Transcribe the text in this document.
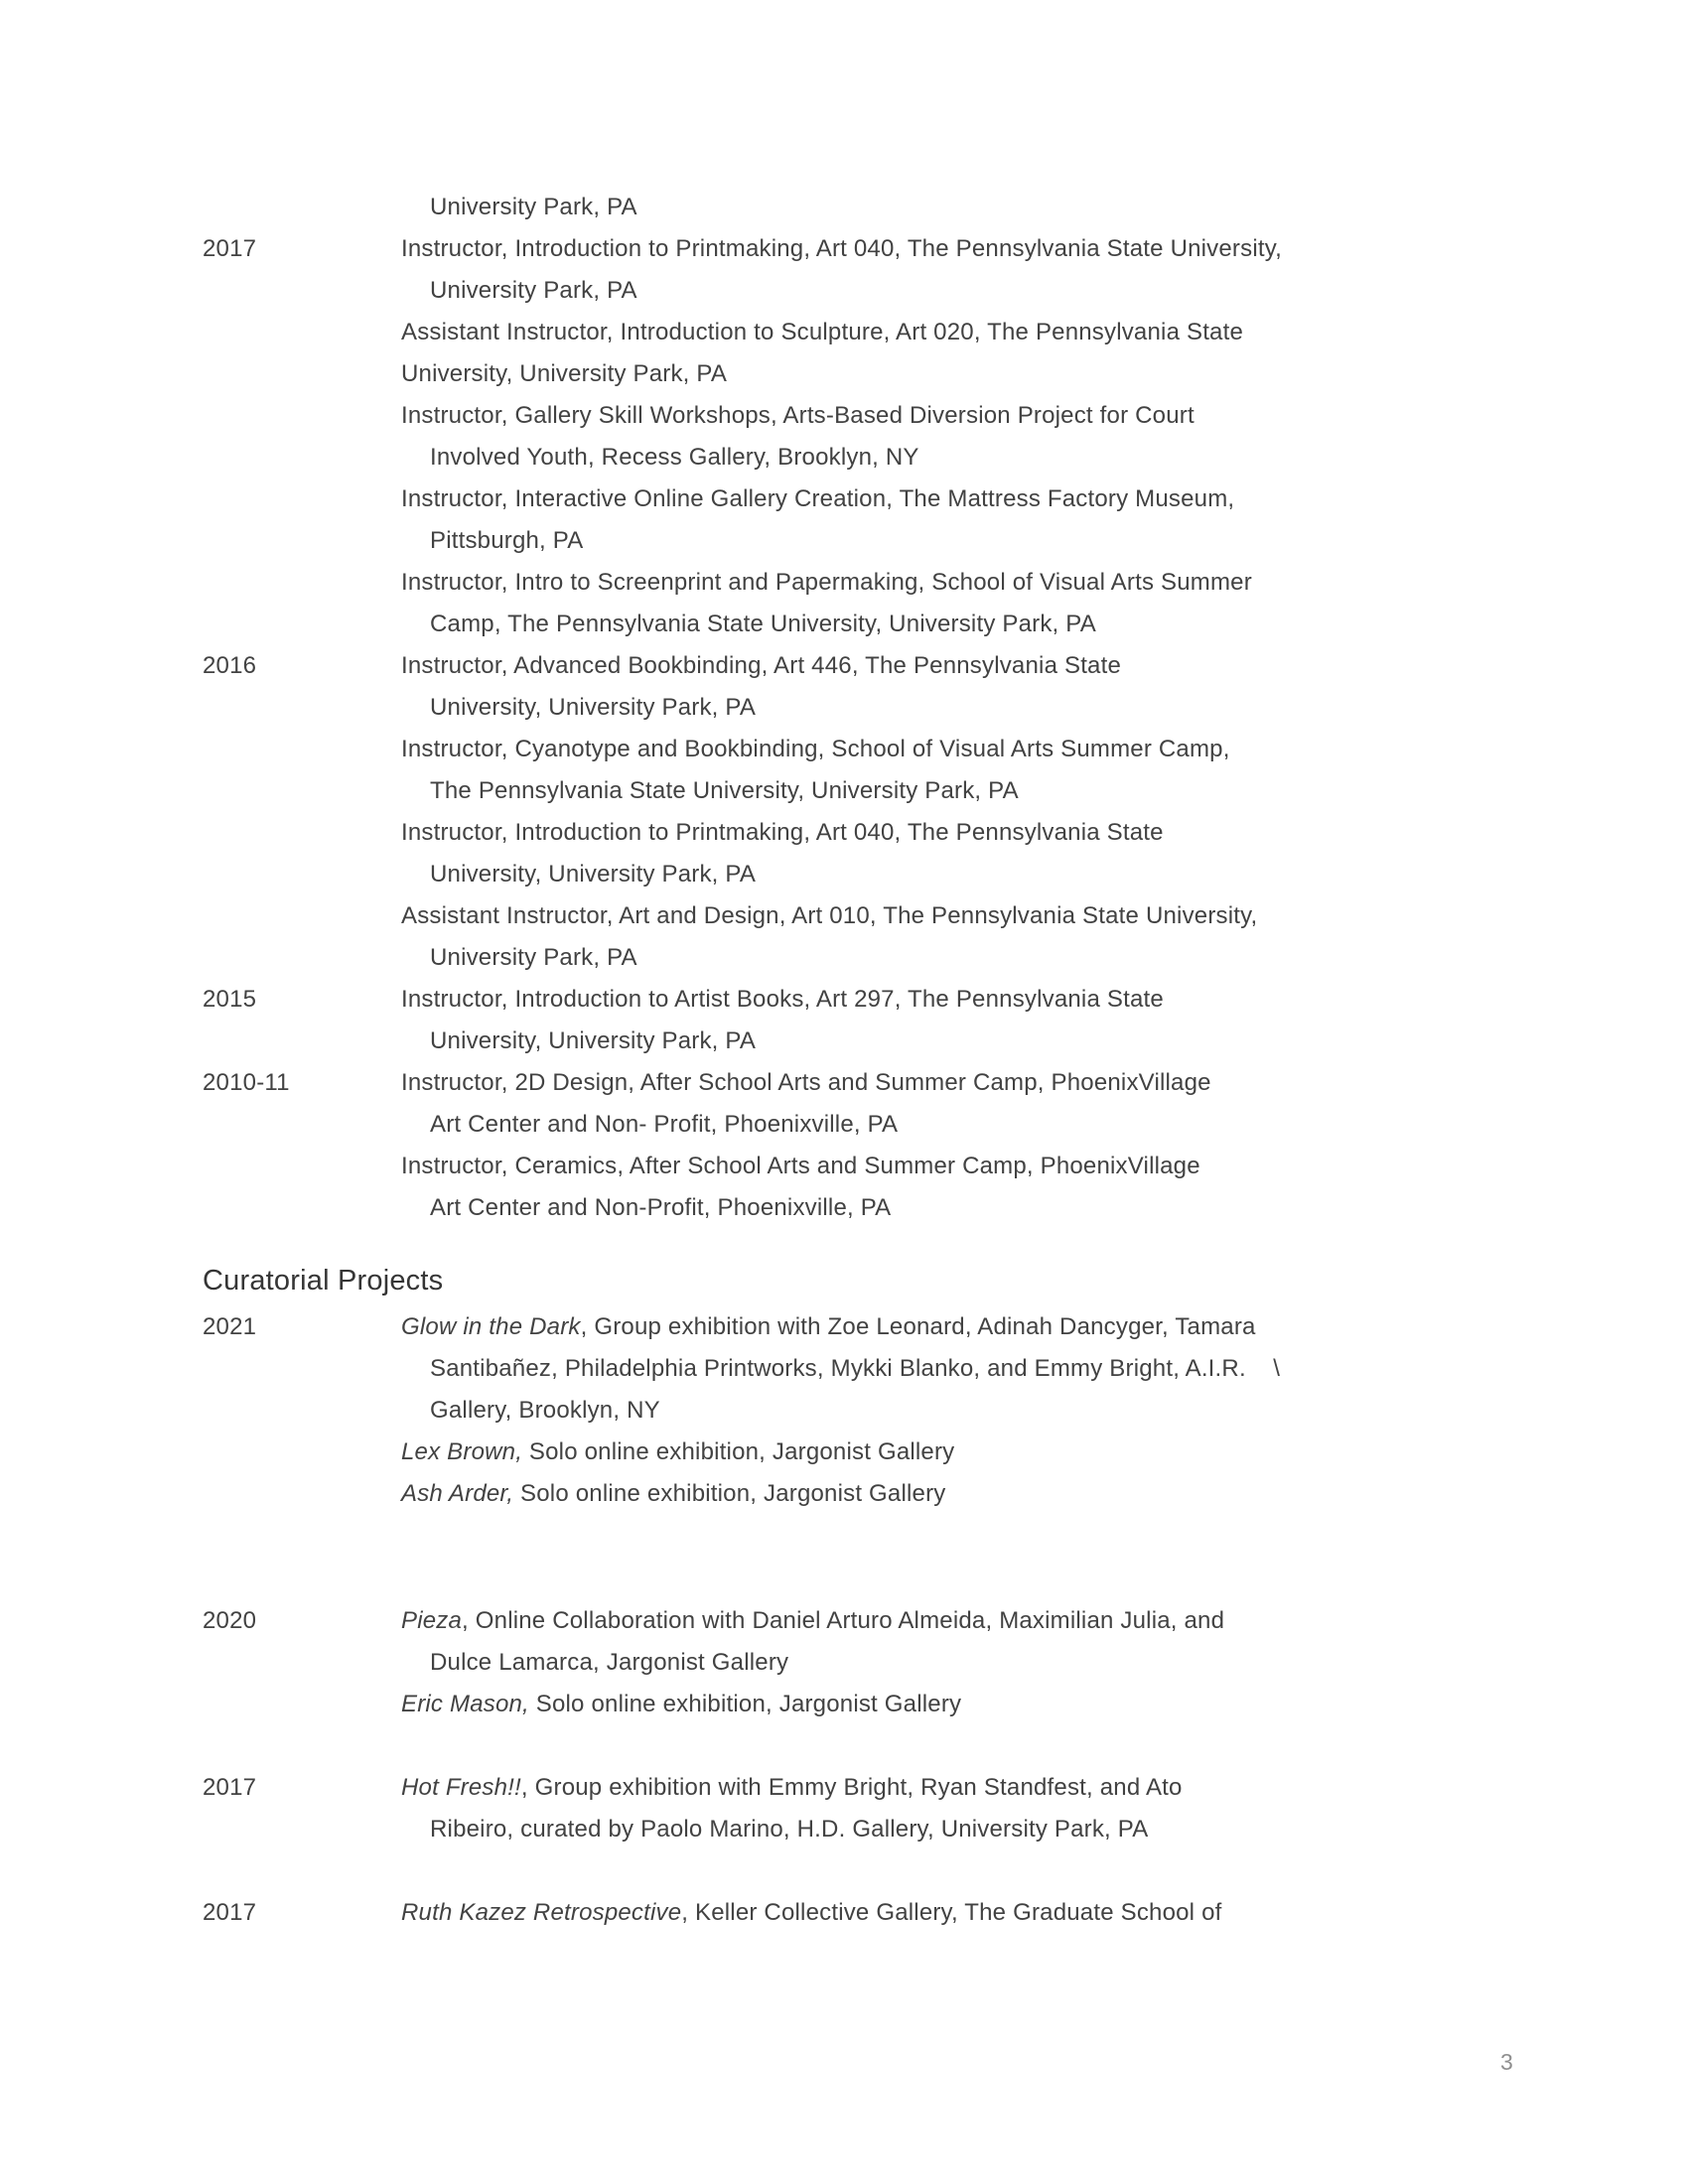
University Park, PA
2017	Instructor, Introduction to Printmaking, Art 040, The Pennsylvania State University,
University Park, PA
Assistant Instructor, Introduction to Sculpture, Art 020, The Pennsylvania State
University, University Park, PA
Instructor, Gallery Skill Workshops, Arts-Based Diversion Project for Court
Involved Youth, Recess Gallery, Brooklyn, NY
Instructor, Interactive Online Gallery Creation, The Mattress Factory Museum,
Pittsburgh, PA
Instructor, Intro to Screenprint and Papermaking, School of Visual Arts Summer
Camp, The Pennsylvania State University, University Park, PA
2016	Instructor, Advanced Bookbinding, Art 446, The Pennsylvania State
University, University Park, PA
Instructor, Cyanotype and Bookbinding, School of Visual Arts Summer Camp,
The Pennsylvania State University, University Park, PA
Instructor, Introduction to Printmaking, Art 040, The Pennsylvania State
University, University Park, PA
Assistant Instructor, Art and Design, Art 010, The Pennsylvania State University,
University Park, PA
2015	Instructor, Introduction to Artist Books, Art 297, The Pennsylvania State
University, University Park, PA
2010-11	Instructor, 2D Design, After School Arts and Summer Camp, PhoenixVillage
Art Center and Non- Profit, Phoenixville, PA
Instructor, Ceramics, After School Arts and Summer Camp, PhoenixVillage
Art Center and Non-Profit, Phoenixville, PA
Curatorial Projects
2021	Glow in the Dark, Group exhibition with Zoe Leonard, Adinah Dancyger, Tamara
Santibañez, Philadelphia Printworks, Mykki Blanko, and Emmy Bright, A.I.R.    \
Gallery, Brooklyn, NY
Lex Brown, Solo online exhibition, Jargonist Gallery
Ash Arder, Solo online exhibition, Jargonist Gallery
2020	Pieza, Online Collaboration with Daniel Arturo Almeida, Maximilian Julia, and
Dulce Lamarca, Jargonist Gallery
Eric Mason, Solo online exhibition, Jargonist Gallery
2017	Hot Fresh!!, Group exhibition with Emmy Bright, Ryan Standfest, and Ato
Ribeiro, curated by Paolo Marino, H.D. Gallery, University Park, PA
2017	Ruth Kazez Retrospective, Keller Collective Gallery, The Graduate School of
3
